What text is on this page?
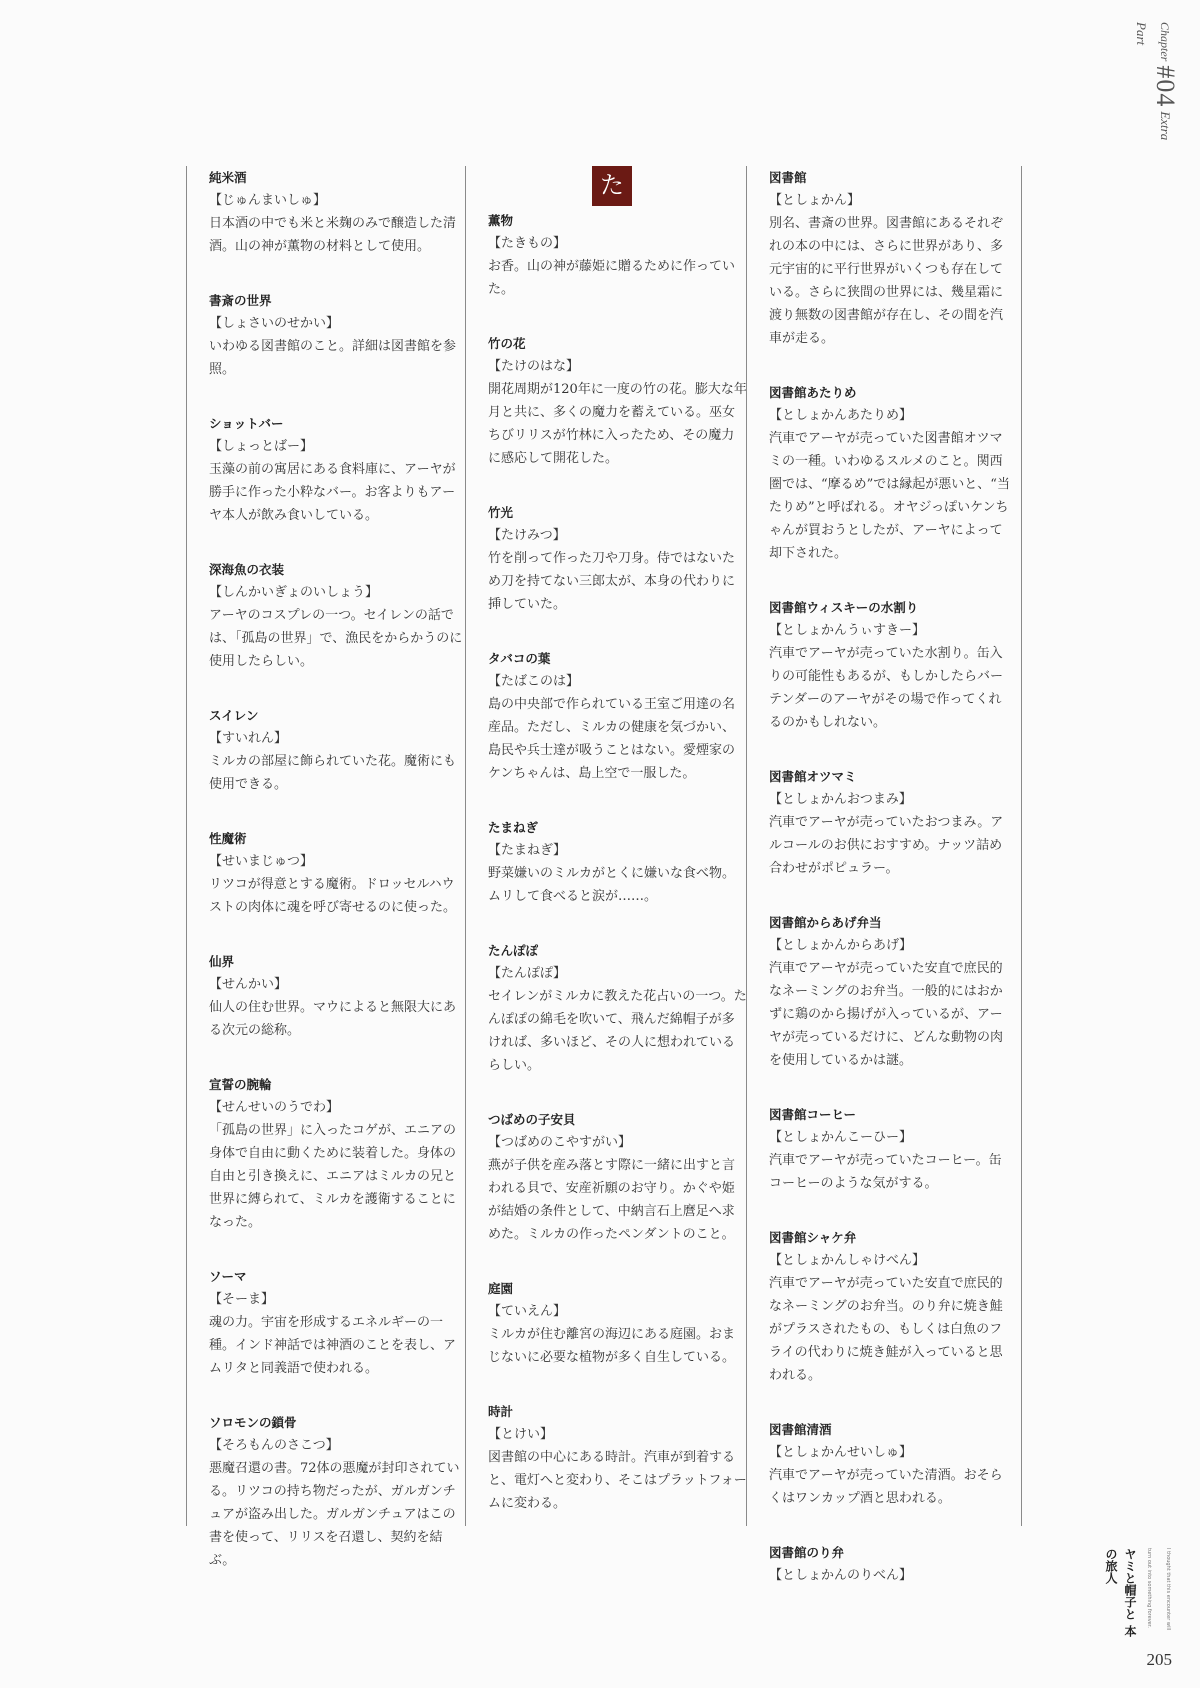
Chapter #04 Extra Part
純米酒
【じゅんまいしゅ】
日本酒の中でも米と米麹のみで醸造した清酒。山の神が薫物の材料として使用。
書斎の世界
【しょさいのせかい】
いわゆる図書館のこと。詳細は図書館を参照。
ショットバー
【しょっとばー】
玉藻の前の寓居にある食料庫に、アーヤが勝手に作った小粋なバー。お客よりもアーヤ本人が飲み食いしている。
深海魚の衣装
【しんかいぎょのいしょう】
アーヤのコスプレの一つ。セイレンの話では、「孤島の世界」で、漁民をからかうのに使用したらしい。
スイレン
【すいれん】
ミルカの部屋に飾られていた花。魔術にも使用できる。
性魔術
【せいまじゅつ】
リツコが得意とする魔術。ドロッセルハウストの肉体に魂を呼び寄せるのに使った。
仙界
【せんかい】
仙人の住む世界。マウによると無限大にある次元の総称。
宣誓の腕輪
【せんせいのうでわ】
「孤島の世界」に入ったコゲが、エニアの身体で自由に動くために装着した。身体の自由と引き換えに、エニアはミルカの兄と世界に縛られて、ミルカを護衛することになった。
ソーマ
【そーま】
魂の力。宇宙を形成するエネルギーの一種。インド神話では神酒のことを表し、アムリタと同義語で使われる。
ソロモンの鎖骨
【そろもんのさこつ】
悪魔召還の書。72体の悪魔が封印されている。リツコの持ち物だったが、ガルガンチュアが盗み出した。ガルガンチュアはこの書を使って、リリスを召還し、契約を結ぶ。
た
薫物
【たきもの】
お香。山の神が藤姫に贈るために作っていた。
竹の花
【たけのはな】
開花周期が120年に一度の竹の花。膨大な年月と共に、多くの魔力を蓄えている。巫女ちびリリスが竹林に入ったため、その魔力に感応して開花した。
竹光
【たけみつ】
竹を削って作った刀や刀身。侍ではないため刀を持てない三郎太が、本身の代わりに挿していた。
タバコの葉
【たばこのは】
島の中央部で作られている王室ご用達の名産品。ただし、ミルカの健康を気づかい、島民や兵士達が吸うことはない。愛煙家のケンちゃんは、島上空で一服した。
たまねぎ
【たまねぎ】
野菜嫌いのミルカがとくに嫌いな食べ物。ムリして食べると涙が……。
たんぽぽ
【たんぽぽ】
セイレンがミルカに教えた花占いの一つ。たんぽぽの綿毛を吹いて、飛んだ綿帽子が多ければ、多いほど、その人に想われているらしい。
つばめの子安貝
【つばめのこやすがい】
燕が子供を産み落とす際に一緒に出すと言われる貝で、安産祈願のお守り。かぐや姫が結婚の条件として、中納言石上麿足へ求めた。ミルカの作ったペンダントのこと。
庭園
【ていえん】
ミルカが住む離宮の海辺にある庭園。おまじないに必要な植物が多く自生している。
時計
【とけい】
図書館の中心にある時計。汽車が到着すると、電灯へと変わり、そこはプラットフォームに変わる。
図書館
【としょかん】
別名、書斎の世界。図書館にあるそれぞれの本の中には、さらに世界があり、多元宇宙的に平行世界がいくつも存在している。さらに狭間の世界には、幾星霜に渡り無数の図書館が存在し、その間を汽車が走る。
図書館あたりめ
【としょかんあたりめ】
汽車でアーヤが売っていた図書館オツマミの一種。いわゆるスルメのこと。関西圏では、“摩るめ”では縁起が悪いと、“当たりめ”と呼ばれる。オヤジっぽいケンちゃんが買おうとしたが、アーヤによって却下された。
図書館ウィスキーの水割り
【としょかんうぃすきー】
汽車でアーヤが売っていた水割り。缶入りの可能性もあるが、もしかしたらバーテンダーのアーヤがその場で作ってくれるのかもしれない。
図書館オツマミ
【としょかんおつまみ】
汽車でアーヤが売っていたおつまみ。アルコールのお供におすすめ。ナッツ詰め合わせがポピュラー。
図書館からあげ弁当
【としょかんからあげ】
汽車でアーヤが売っていた安直で庶民的なネーミングのお弁当。一般的にはおかずに鶏のから揚げが入っているが、アーヤが売っているだけに、どんな動物の肉を使用しているかは謎。
図書館コーヒー
【としょかんこーひー】
汽車でアーヤが売っていたコーヒー。缶コーヒーのような気がする。
図書館シャケ弁
【としょかんしゃけべん】
汽車でアーヤが売っていた安直で庶民的なネーミングのお弁当。のり弁に焼き鮭がプラスされたもの、もしくは白魚のフライの代わりに焼き鮭が入っていると思われる。
図書館清酒
【としょかんせいしゅ】
汽車でアーヤが売っていた清酒。おそらくはワンカップ酒と思われる。
図書館のり弁
【としょかんのりべん】	I thought that this encounter will turn out into something forever. ヤミと帽子と 本の旅人
205
